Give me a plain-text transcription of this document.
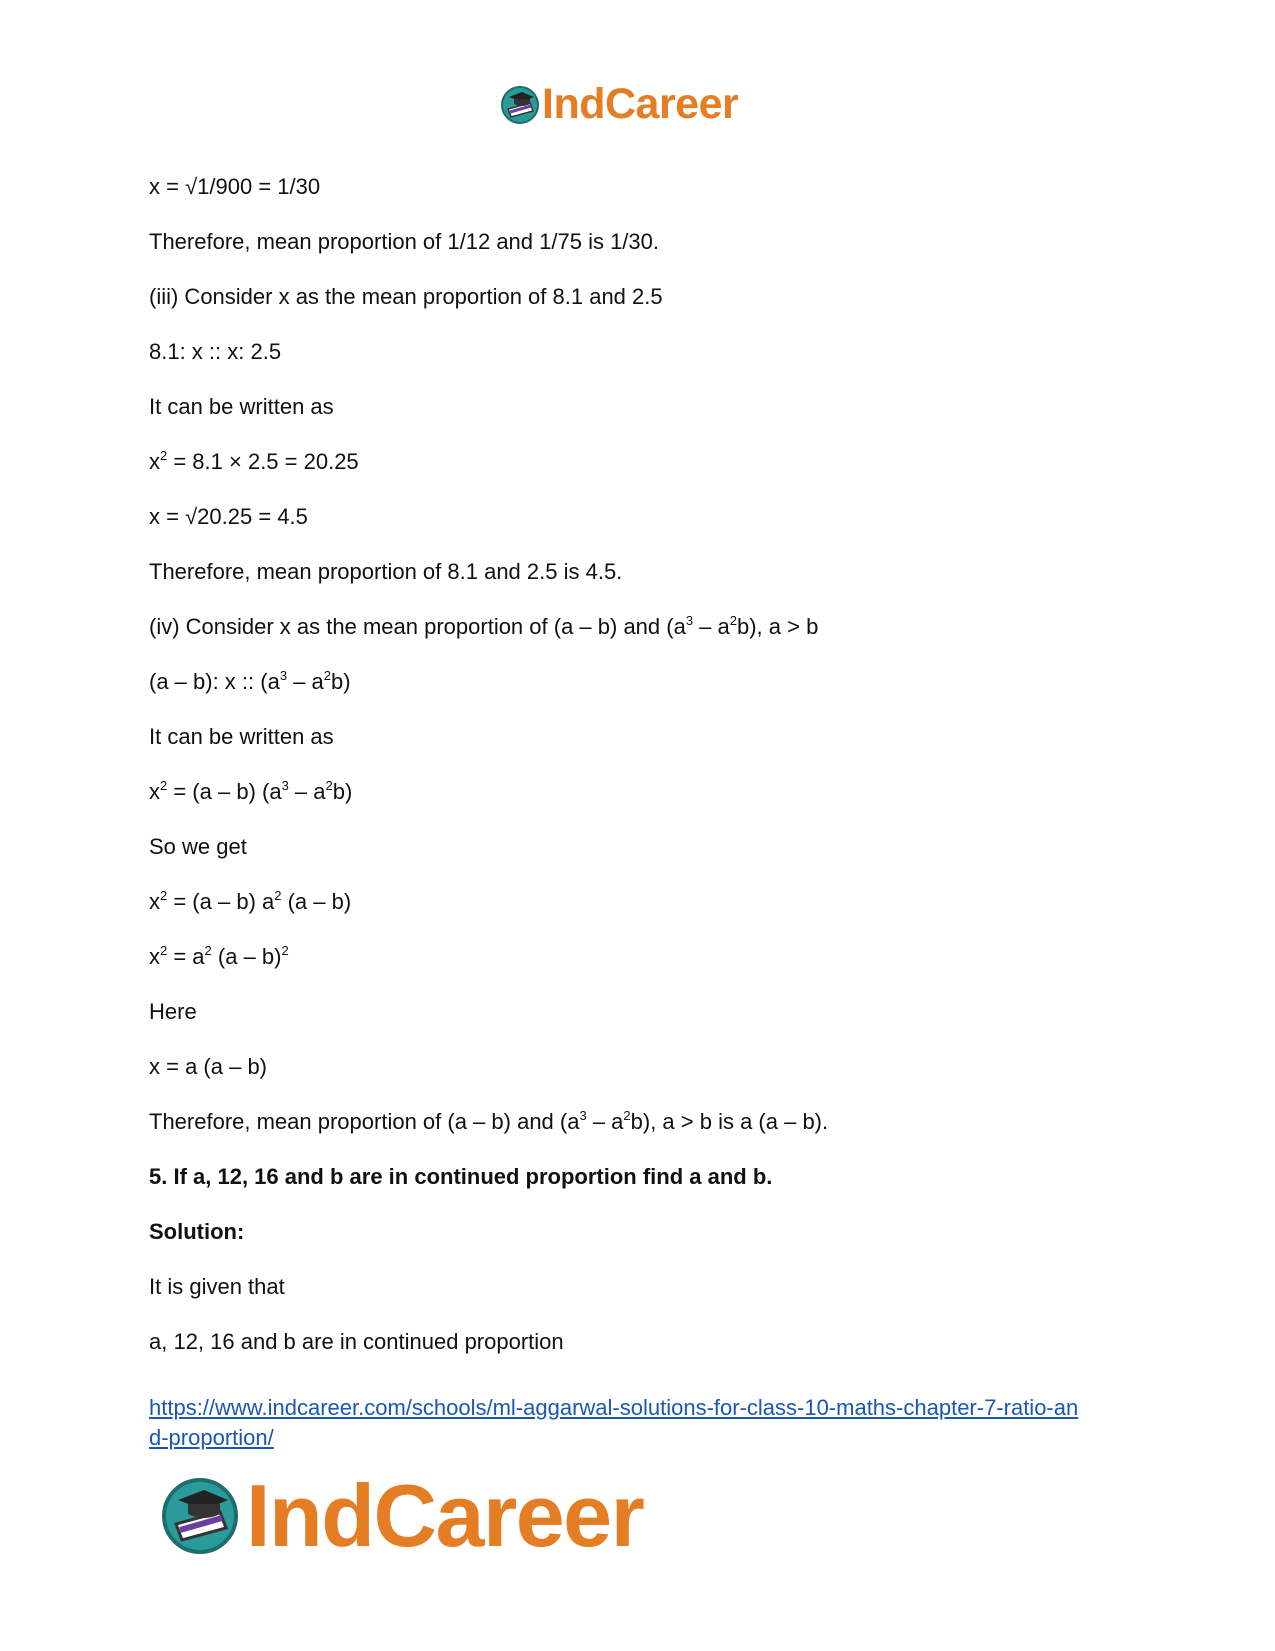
IndCareer
x = √1/900 = 1/30
Therefore, mean proportion of 1/12 and 1/75 is 1/30.
(iii) Consider x as the mean proportion of 8.1 and 2.5
8.1: x :: x: 2.5
It can be written as
$x^2 = 8.1 \times 2.5 = 20.25$
x = √20.25 = 4.5
Therefore, mean proportion of 8.1 and 2.5 is 4.5.
(iv) Consider x as the mean proportion of (a – b) and $(a^3 - a^2b)$, a > b
(a – b): x :: $(a^3 - a^2b)$
It can be written as
$x^2 = (a - b)$ $(a^3 - a^2b)$
So we get
$x^2 = (a - b)$ $a^2$ (a – b)
$x^2 = a^2$ (a – b)$^2$
Here
x = a (a – b)
Therefore, mean proportion of (a – b) and $(a^3 - a^2b)$, a > b is a (a – b).
5. If a, 12, 16 and b are in continued proportion find a and b.
Solution:
It is given that
a, 12, 16 and b are in continued proportion
https://www.indcareer.com/schools/ml-aggarwal-solutions-for-class-10-maths-chapter-7-ratio-an
d-proportion/
IndCareer
